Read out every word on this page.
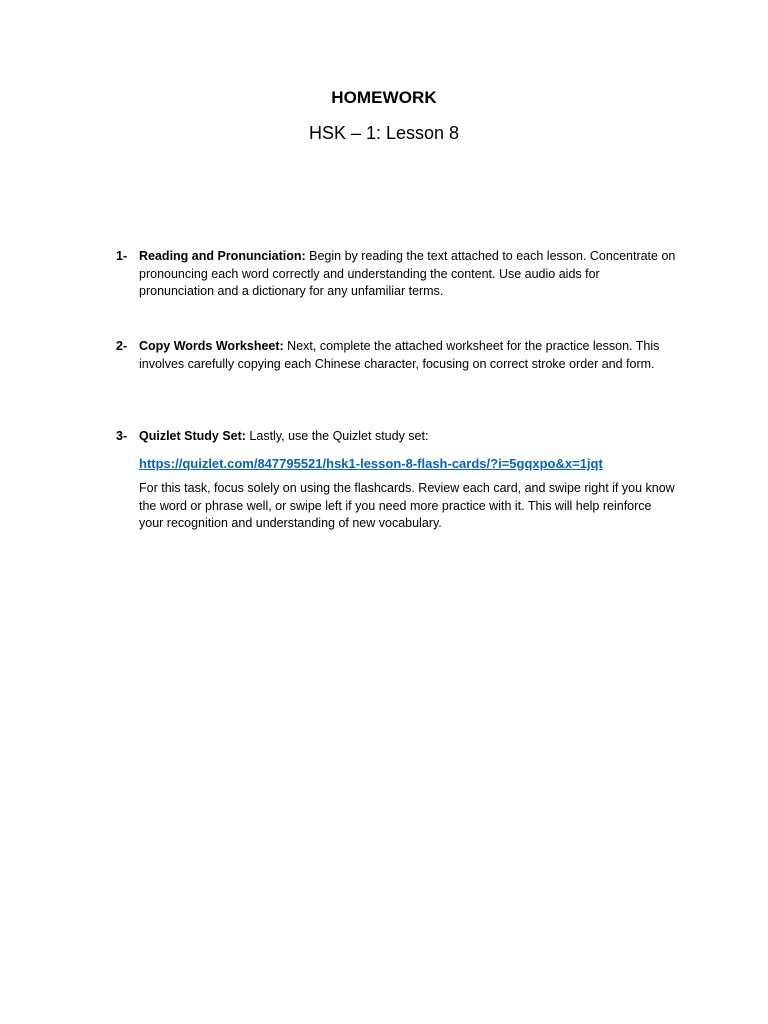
HOMEWORK
HSK – 1: Lesson 8
1- Reading and Pronunciation: Begin by reading the text attached to each lesson. Concentrate on pronouncing each word correctly and understanding the content. Use audio aids for pronunciation and a dictionary for any unfamiliar terms.
2- Copy Words Worksheet: Next, complete the attached worksheet for the practice lesson. This involves carefully copying each Chinese character, focusing on correct stroke order and form.
3- Quizlet Study Set: Lastly, use the Quizlet study set:
https://quizlet.com/847795521/hsk1-lesson-8-flash-cards/?i=5gqxpo&x=1jqt
For this task, focus solely on using the flashcards. Review each card, and swipe right if you know the word or phrase well, or swipe left if you need more practice with it. This will help reinforce your recognition and understanding of new vocabulary.
